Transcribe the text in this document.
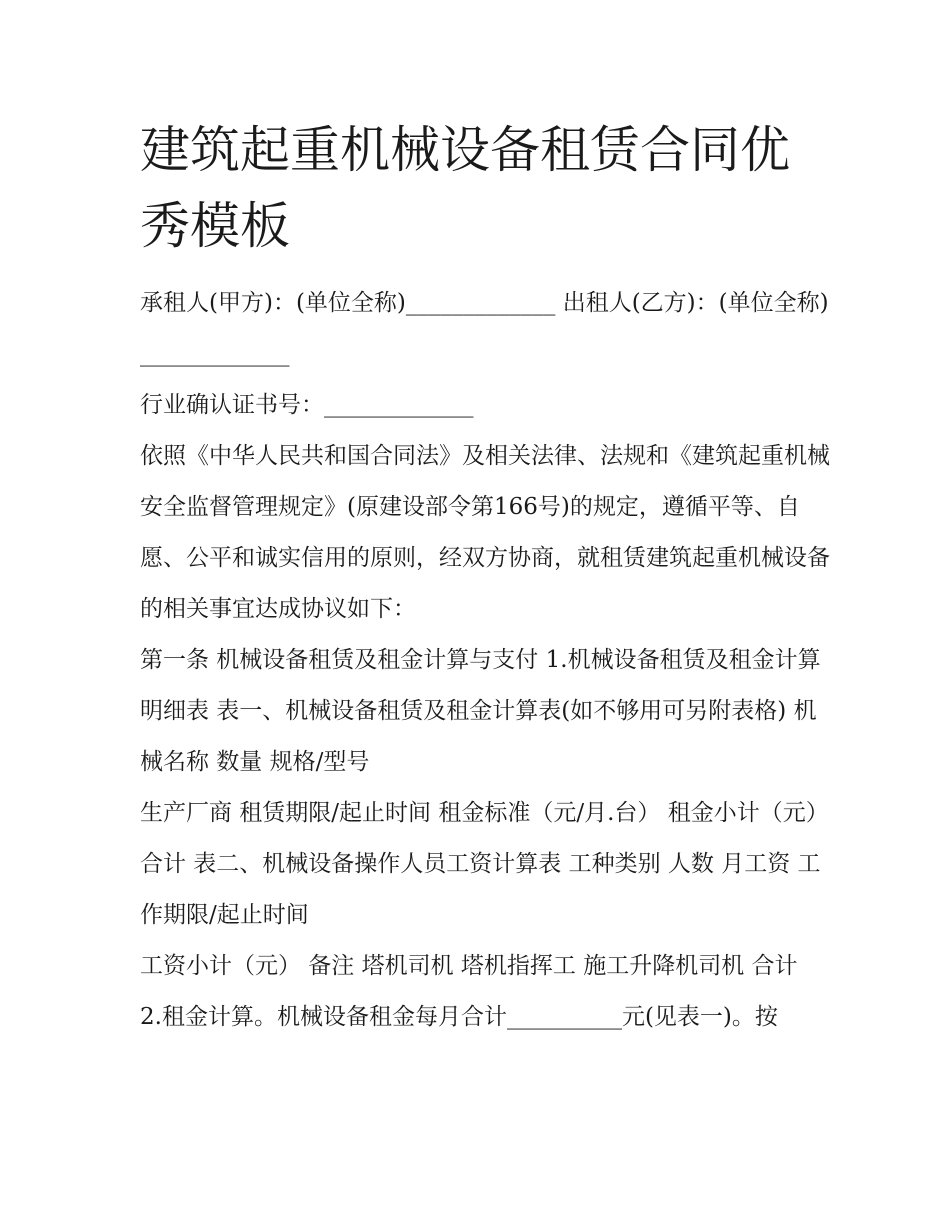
建筑起重机械设备租赁合同优秀模板

承租人(甲方)：(单位全称)_____________ 出租人(乙方)：(单位全称)_____________

行业确认证书号：_____________

依照《中华人民共和国合同法》及相关法律、法规和《建筑起重机械安全监督管理规定》(原建设部令第166号)的规定，遵循平等、自愿、公平和诚实信用的原则，经双方协商，就租赁建筑起重机械设备的相关事宜达成协议如下：

第一条 机械设备租赁及租金计算与支付 1.机械设备租赁及租金计算明细表 表一、机械设备租赁及租金计算表(如不够用可另附表格) 机械名称 数量 规格/型号

生产厂商 租赁期限/起止时间 租金标准（元/月.台） 租金小计（元） 合计 表二、机械设备操作人员工资计算表 工种类别 人数 月工资 工作期限/起止时间

工资小计（元） 备注 塔机司机 塔机指挥工 施工升降机司机 合计

2.租金计算。机械设备租金每月合计__________元(见表一)。按
